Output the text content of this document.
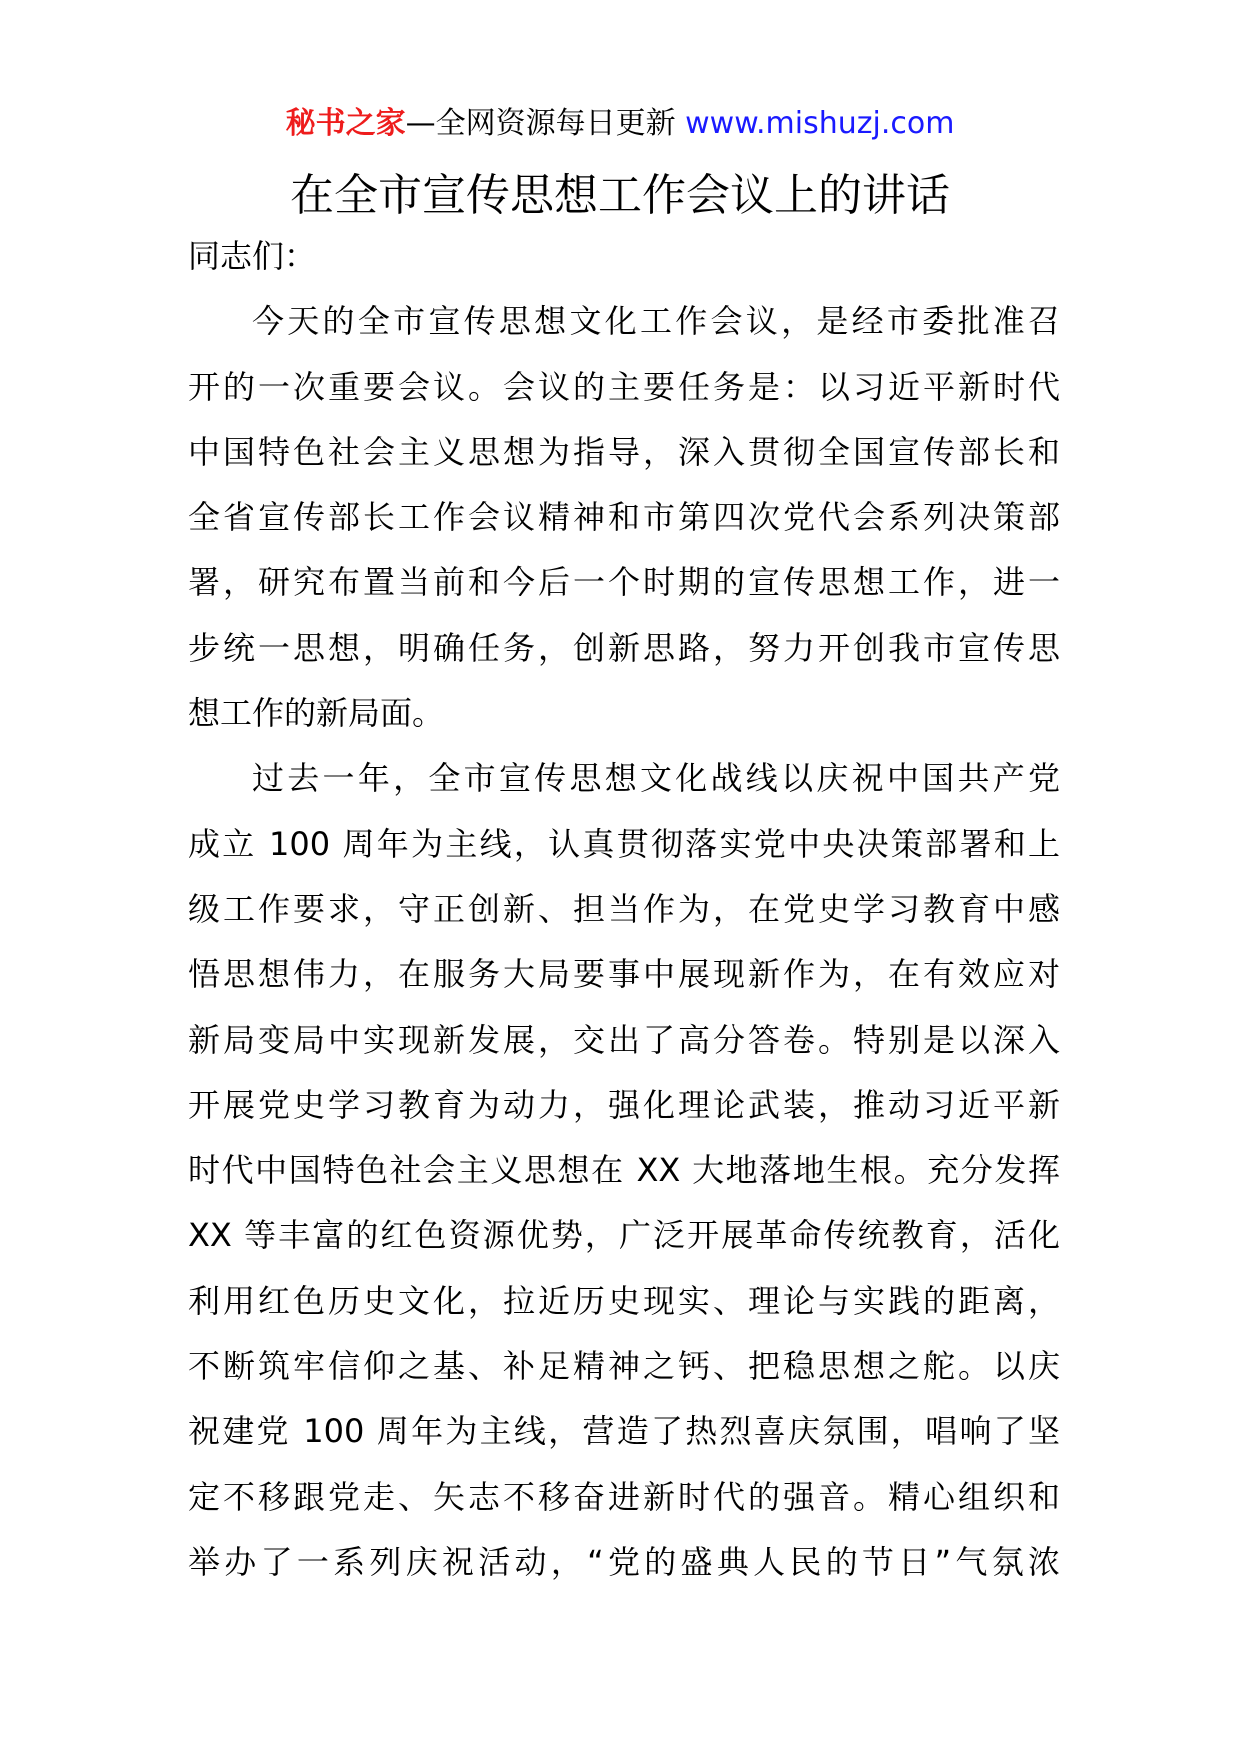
秘书之家—全网资源每日更新 www.mishuzj.com
在全市宣传思想工作会议上的讲话
同志们：
今天的全市宣传思想文化工作会议，是经市委批准召
开的一次重要会议。会议的主要任务是：以习近平新时代
中国特色社会主义思想为指导，深入贯彻全国宣传部长和
全省宣传部长工作会议精神和市第四次党代会系列决策部
署，研究布置当前和今后一个时期的宣传思想工作，进一
步统一思想，明确任务，创新思路，努力开创我市宣传思
想工作的新局面。
过去一年，全市宣传思想文化战线以庆祝中国共产党
成立 100 周年为主线，认真贯彻落实党中央决策部署和上
级工作要求，守正创新、担当作为，在党史学习教育中感
悟思想伟力，在服务大局要事中展现新作为，在有效应对
新局变局中实现新发展，交出了高分答卷。特别是以深入
开展党史学习教育为动力，强化理论武装，推动习近平新
时代中国特色社会主义思想在 XX 大地落地生根。充分发挥
XX 等丰富的红色资源优势，广泛开展革命传统教育，活化
利用红色历史文化，拉近历史现实、理论与实践的距离，
不断筑牢信仰之基、补足精神之钙、把稳思想之舵。以庆
祝建党 100 周年为主线，营造了热烈喜庆氛围，唱响了坚
定不移跟党走、矢志不移奋进新时代的强音。精心组织和
举办了一系列庆祝活动，“党的盛典人民的节日”气氛浓
